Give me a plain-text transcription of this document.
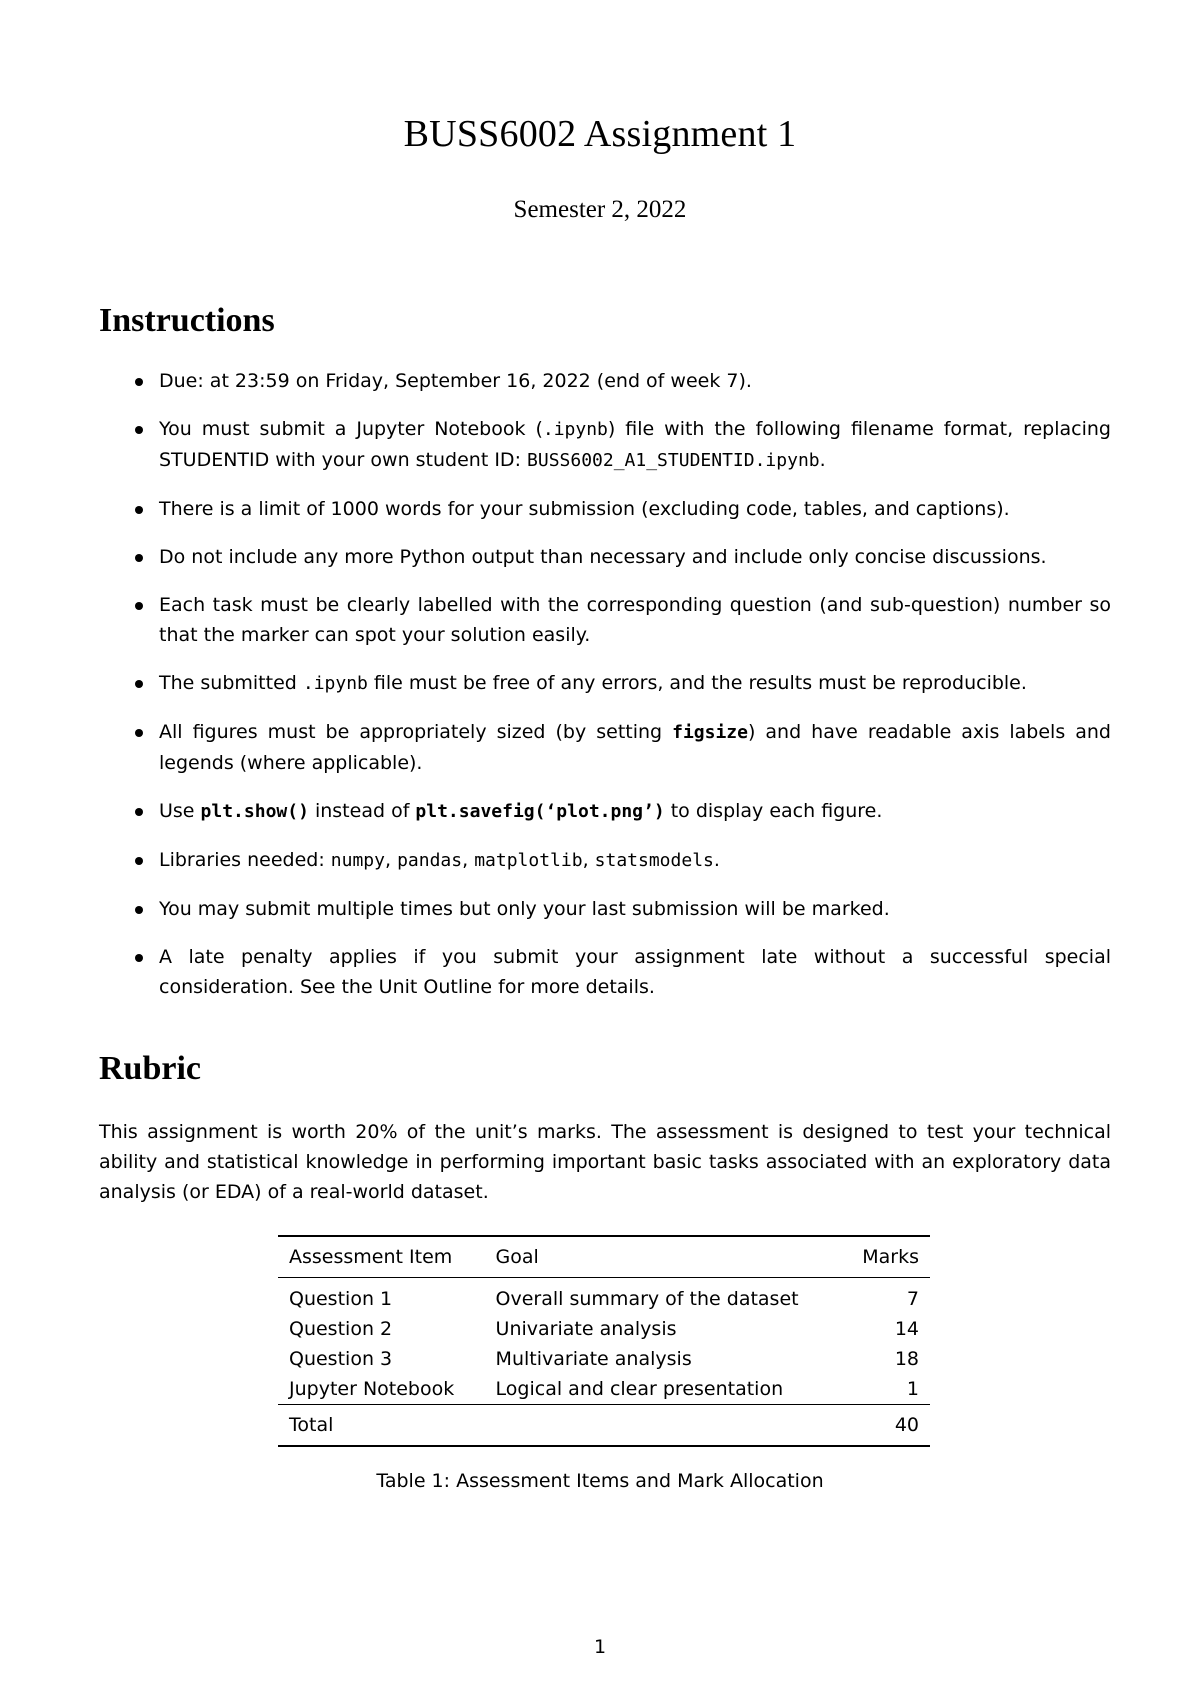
BUSS6002 Assignment 1
Semester 2, 2022
Instructions
Due: at 23:59 on Friday, September 16, 2022 (end of week 7).
You must submit a Jupyter Notebook (.ipynb) file with the following filename format, replacing STUDENTID with your own student ID: BUSS6002_A1_STUDENTID.ipynb.
There is a limit of 1000 words for your submission (excluding code, tables, and captions).
Do not include any more Python output than necessary and include only concise discussions.
Each task must be clearly labelled with the corresponding question (and sub-question) number so that the marker can spot your solution easily.
The submitted .ipynb file must be free of any errors, and the results must be reproducible.
All figures must be appropriately sized (by setting figsize) and have readable axis labels and legends (where applicable).
Use plt.show() instead of plt.savefig(‘plot.png’) to display each figure.
Libraries needed: numpy, pandas, matplotlib, statsmodels.
You may submit multiple times but only your last submission will be marked.
A late penalty applies if you submit your assignment late without a successful special consideration. See the Unit Outline for more details.
Rubric

This assignment is worth 20% of the unit’s marks. The assessment is designed to test your technical ability and statistical knowledge in performing important basic tasks associated with an exploratory data analysis (or EDA) of a real-world dataset.

Assessment Item	Goal	Marks
Question 1	Overall summary of the dataset	7
Question 2	Univariate analysis	14
Question 3	Multivariate analysis	18
Jupyter Notebook	Logical and clear presentation	1
Total		40

Table 1: Assessment Items and Mark Allocation

1
